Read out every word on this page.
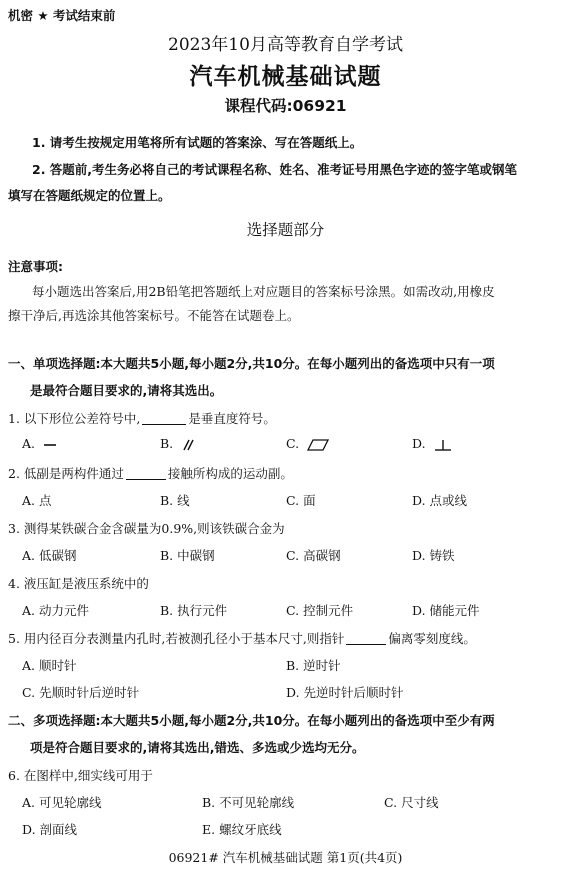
机密 ★ 考试结束前
2023年10月高等教育自学考试
汽车机械基础试题
课程代码:06921
1. 请考生按规定用笔将所有试题的答案涂、写在答题纸上。
2. 答题前,考生务必将自己的考试课程名称、姓名、准考证号用黑色字迹的签字笔或钢笔
填写在答题纸规定的位置上。
选择题部分
注意事项:
每小题选出答案后,用2B铅笔把答题纸上对应题目的答案标号涂黑。如需改动,用橡皮
擦干净后,再选涂其他答案标号。不能答在试题卷上。
一、单项选择题:本大题共5小题,每小题2分,共10分。在每小题列出的备选项中只有一项
是最符合题目要求的,请将其选出。
1. 以下形位公差符号中,	是垂直度符号。
A.	B.	C.	D.
2. 低副是两构件通过	接触所构成的运动副。
A. 点	B. 线	C. 面	D. 点或线
3. 测得某铁碳合金含碳量为0.9%,则该铁碳合金为
A. 低碳钢	B. 中碳钢	C. 高碳钢	D. 铸铁
4. 液压缸是液压系统中的
A. 动力元件	B. 执行元件	C. 控制元件	D. 储能元件
5. 用内径百分表测量内孔时,若被测孔径小于基本尺寸,则指针	偏离零刻度线。
A. 顺时针	B. 逆时针
C. 先顺时针后逆时针	D. 先逆时针后顺时针
二、多项选择题:本大题共5小题,每小题2分,共10分。在每小题列出的备选项中至少有两
项是符合题目要求的,请将其选出,错选、多选或少选均无分。
6. 在图样中,细实线可用于
A. 可见轮廓线	B. 不可见轮廓线	C. 尺寸线
D. 剖面线	E. 螺纹牙底线
06921# 汽车机械基础试题 第1页(共4页)
